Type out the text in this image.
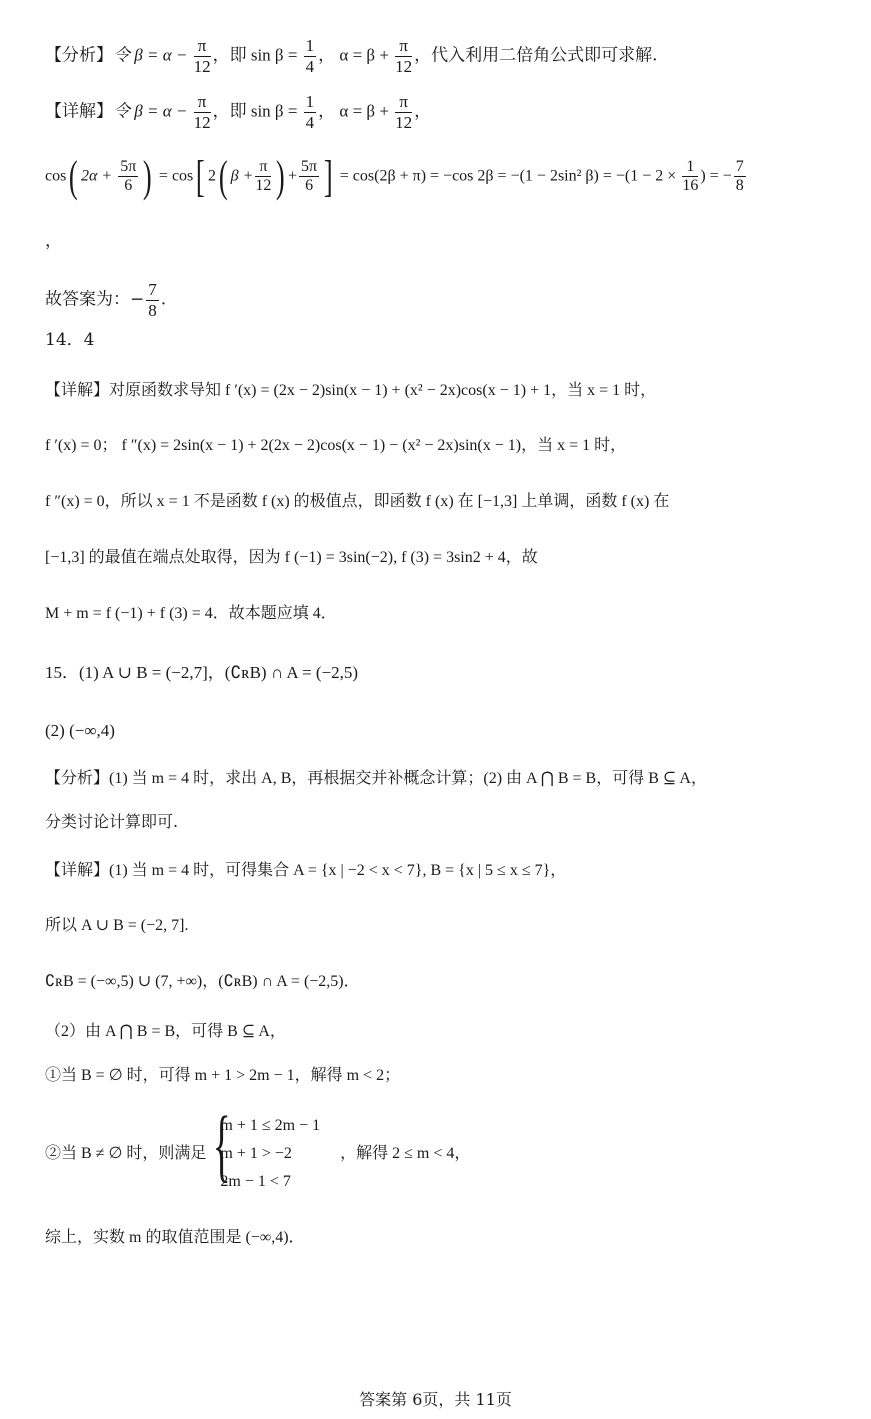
【分析】令 $\beta = \alpha - \frac{\pi}{12}$ ，即 $\sin \beta = \frac{1}{4}$ ， $\alpha = \beta + \frac{\pi}{12}$ ，代入利用二倍角公式即可求解.
【详解】令 $\beta = \alpha - \frac{\pi}{12}$ ，即 $\sin \beta = \frac{1}{4}$ ， $\alpha = \beta + \frac{\pi}{12}$ ，
cos( $2\alpha + \frac{5\pi}{6}$ ) = cos[ 2( $\beta + \frac{\pi}{12}$ ) + $\frac{5\pi}{6}$ ] = cos(2β + π) = −cos 2β = −(1 − 2sin² $\beta) = -(1 - 2 \times \frac{1}{16}$ ) = − $\frac{7}{8}$
，
故答案为：− $\frac{7}{8}$ .
14．4
【详解】对原函数求导知 f ′(x) = (2x − 2)sin(x − 1) + (x² − 2x)cos(x − 1) + 1，当 x = 1 时，
f ′(x) = 0； f ″(x) = 2sin(x − 1) + 2(2x − 2)cos(x − 1) − (x² − 2x)sin(x − 1)，当 x = 1 时，
f ″(x) = 0，所以 x = 1 不是函数 f (x) 的极值点，即函数 f (x) 在 [−1,3] 上单调，函数 f (x) 在
[−1,3] 的最值在端点处取得，因为 f (−1) = 3sin(−2), f (3) = 3sin2 + 4，故
M + m = f (−1) + f (3) = 4．故本题应填 4．
15．(1) A ∪ B = (−2,7]，(∁ʀB) ∩ A = (−2,5)
(2) (−∞,4)
【分析】(1) 当 m = 4 时，求出 A, B，再根据交并补概念计算；(2) 由 A ⋂ B = B，可得 B ⊆ A，
分类讨论计算即可.
【详解】(1) 当 m = 4 时，可得集合 A = {x | −2 < x < 7}, B = {x | 5 ≤ x ≤ 7}，
所以 A ∪ B = (−2, 7].
∁ʀB = (−∞,5) ∪ (7, +∞)，(∁ʀB) ∩ A = (−2,5)．
（2）由 A ⋂ B = B，可得 B ⊆ A，
①当 B = ∅ 时，可得 m + 1 > 2m − 1，解得 m < 2；
②当 B ≠ ∅ 时，则满足
{ m + 1 ≤ 2m − 1
m + 1 > −2
2m − 1 < 7
，解得 2 ≤ m < 4，
综上，实数 m 的取值范围是 (−∞,4)．
答案第 6页，共 11页
